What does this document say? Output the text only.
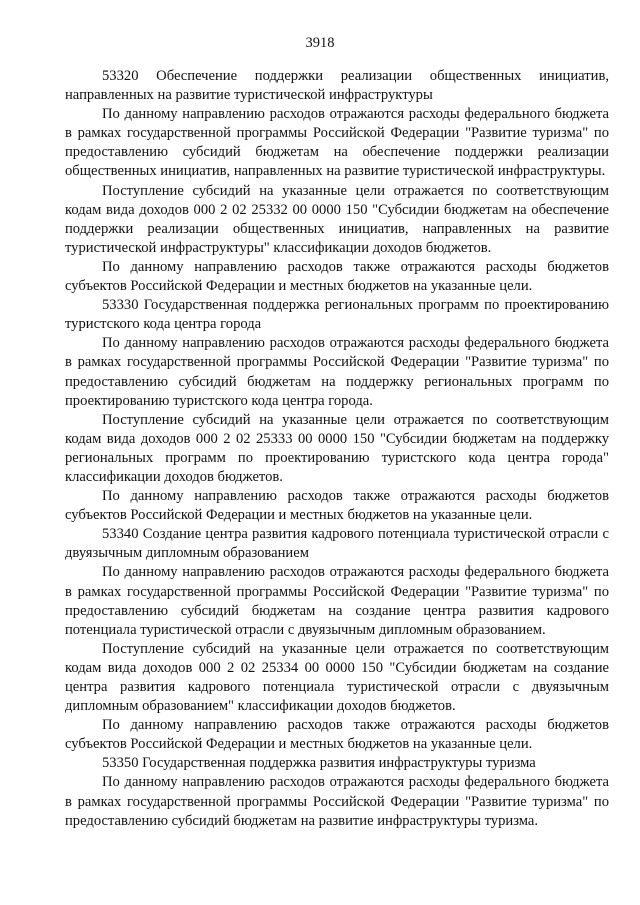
3918

53320 Обеспечение поддержки реализации общественных инициатив, направленных на развитие туристической инфраструктуры

По данному направлению расходов отражаются расходы федерального бюджета в рамках государственной программы Российской Федерации "Развитие туризма" по предоставлению субсидий бюджетам на обеспечение поддержки реализации общественных инициатив, направленных на развитие туристической инфраструктуры.

Поступление субсидий на указанные цели отражается по соответствующим кодам вида доходов 000 2 02 25332 00 0000 150 "Субсидии бюджетам на обеспечение поддержки реализации общественных инициатив, направленных на развитие туристической инфраструктуры" классификации доходов бюджетов.

По данному направлению расходов также отражаются расходы бюджетов субъектов Российской Федерации и местных бюджетов на указанные цели.

53330 Государственная поддержка региональных программ по проектированию туристского кода центра города

По данному направлению расходов отражаются расходы федерального бюджета в рамках государственной программы Российской Федерации "Развитие туризма" по предоставлению субсидий бюджетам на поддержку региональных программ по проектированию туристского кода центра города.

Поступление субсидий на указанные цели отражается по соответствующим кодам вида доходов 000 2 02 25333 00 0000 150 "Субсидии бюджетам на поддержку региональных программ по проектированию туристского кода центра города" классификации доходов бюджетов.

По данному направлению расходов также отражаются расходы бюджетов субъектов Российской Федерации и местных бюджетов на указанные цели.

53340 Создание центра развития кадрового потенциала туристической отрасли с двуязычным дипломным образованием

По данному направлению расходов отражаются расходы федерального бюджета в рамках государственной программы Российской Федерации "Развитие туризма" по предоставлению субсидий бюджетам на создание центра развития кадрового потенциала туристической отрасли с двуязычным дипломным образованием.

Поступление субсидий на указанные цели отражается по соответствующим кодам вида доходов 000 2 02 25334 00 0000 150 "Субсидии бюджетам на создание центра развития кадрового потенциала туристической отрасли с двуязычным дипломным образованием" классификации доходов бюджетов.

По данному направлению расходов также отражаются расходы бюджетов субъектов Российской Федерации и местных бюджетов на указанные цели.

53350 Государственная поддержка развития инфраструктуры туризма

По данному направлению расходов отражаются расходы федерального бюджета в рамках государственной программы Российской Федерации "Развитие туризма" по предоставлению субсидий бюджетам на развитие инфраструктуры туризма.
